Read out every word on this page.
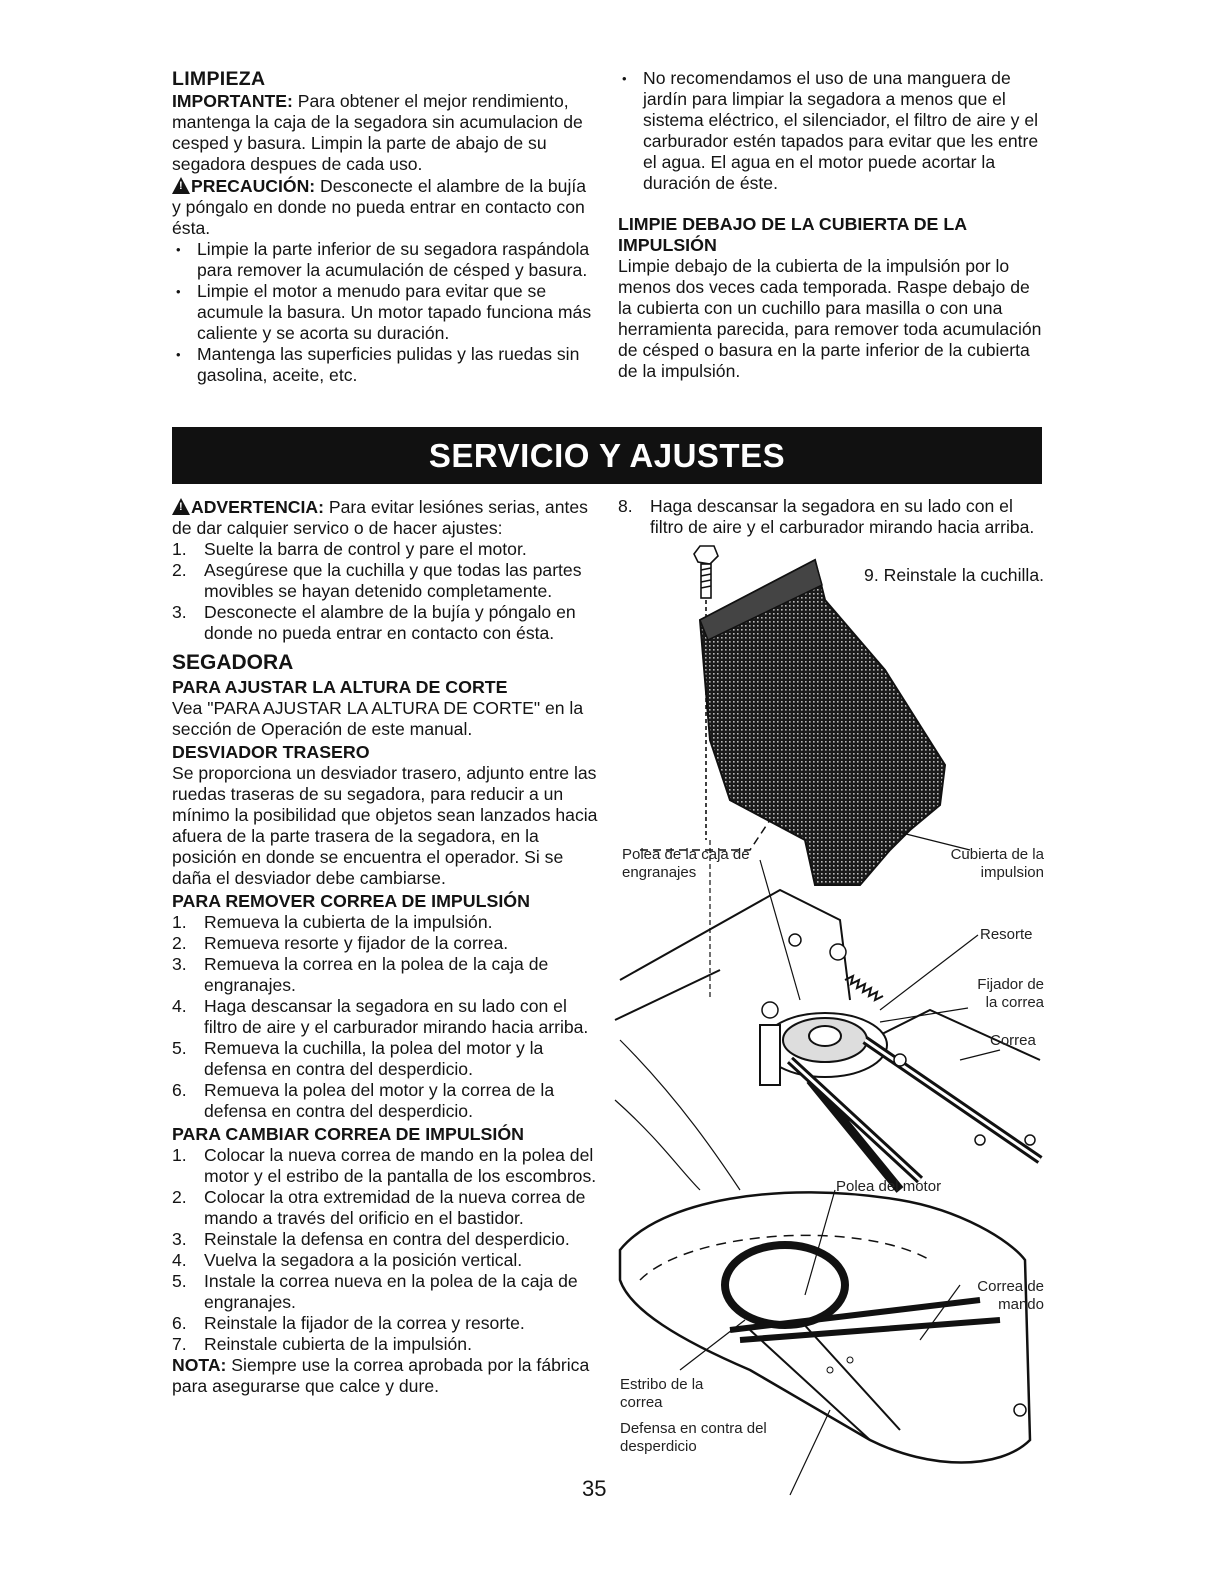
LIMPIEZA

IMPORTANTE: Para obtener el mejor rendimiento, mantenga la caja de la segadora sin acumulacion de cesped y basura. Limpin la parte de abajo de su segadora despues de cada uso.

!PRECAUCIÓN: Desconecte el alambre de la bujía y póngalo en donde no pueda entrar en contacto con ésta.

• Limpie la parte inferior de su segadora raspándola para remover la acumulación de césped y basura.
• Limpie el motor a menudo para evitar que se acumule la basura. Un motor tapado funciona más caliente y se acorta su duración.
• Mantenga las superficies pulidas y las ruedas sin gasolina, aceite, etc.
• No recomendamos el uso de una manguera de jardín para limpiar la segadora a menos que el sistema eléctrico, el silenciador, el filtro de aire y el carburador estén tapados para evitar que les entre el agua. El agua en el motor puede acortar la duración de éste.

LIMPIE DEBAJO DE LA CUBIERTA DE LA IMPULSIÓN

Limpie debajo de la cubierta de la impulsión por lo menos dos veces cada temporada. Raspe debajo de la cubierta con un cuchillo para masilla o con una herramienta parecida, para remover toda acumulación de césped o basura en la parte inferior de la cubierta de la impulsión.

SERVICIO Y AJUSTES

!ADVERTENCIA: Para evitar lesiónes serias, antes de dar calquier servico o de hacer ajustes:

1. Suelte la barra de control y pare el motor.
2. Asegúrese que la cuchilla y que todas las partes movibles se hayan detenido completamente.
3. Desconecte el alambre de la bujía y póngalo en donde no pueda entrar en contacto con ésta.

SEGADORA

PARA AJUSTAR LA ALTURA DE CORTE

Vea "PARA AJUSTAR LA ALTURA DE CORTE" en la sección de Operación de este manual.

DESVIADOR TRASERO

Se proporciona un desviador trasero, adjunto entre las ruedas traseras de su segadora, para reducir a un mínimo la posibilidad que objetos sean lanzados hacia afuera de la parte trasera de la segadora, en la posición en donde se encuentra el operador. Si se daña el desviador debe cambiarse.

PARA REMOVER CORREA DE IMPULSIÓN

1. Remueva la cubierta de la impulsión.
2. Remueva resorte y fijador de la correa.
3. Remueva la correa en la polea de la caja de engranajes.
4. Haga descansar la segadora en su lado con el filtro de aire y el carburador mirando hacia arriba.
5. Remueva la cuchilla, la polea del motor y la defensa en contra del desperdicio.
6. Remueva la polea del motor y la correa de la defensa en contra del desperdicio.

PARA CAMBIAR CORREA DE IMPULSIÓN

1. Colocar la nueva correa de mando en la polea del motor y el estribo de la pantalla de los escombros.
2. Colocar la otra extremidad de la nueva correa de mando a través del orificio en el bastidor.
3. Reinstale la defensa en contra del desperdicio.
4. Vuelva la segadora a la posición vertical.
5. Instale la correa nueva en la polea de la caja de engranajes.
6. Reinstale la fijador de la correa y resorte.
7. Reinstale cubierta de la impulsión.

NOTA: Siempre use la correa aprobada por la fábrica para asegurarse que calce y dure.

8. Haga descansar la segadora en su lado con el filtro de aire y el carburador mirando hacia arriba.
9. Reinstale la cuchilla.
Polea de la caja de engranajes
Cubierta de la impulsion
Resorte
Fijador de la correa
Correa
Polea del motor
Correa de mando
Estribo de la correa
Defensa en contra del desperdicio
35
